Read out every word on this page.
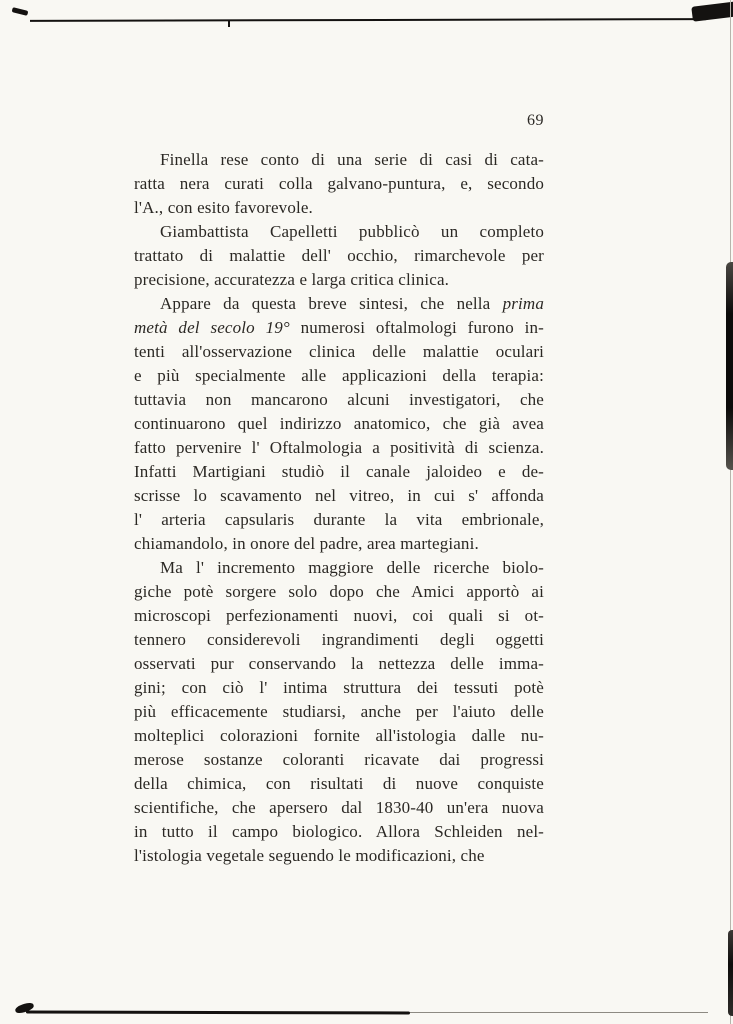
69
Finella rese conto di una serie di casi di cata-
ratta nera curati colla galvano-puntura, e, secondo
l'A., con esito favorevole.
Giambattista Capelletti pubblicò un completo
trattato di malattie dell' occhio, rimarchevole per
precisione, accuratezza e larga critica clinica.
Appare da questa breve sintesi, che nella prima
metà del secolo 19° numerosi oftalmologi furono in-
tenti all'osservazione clinica delle malattie oculari
e più specialmente alle applicazioni della terapia:
tuttavia non mancarono alcuni investigatori, che
continuarono quel indirizzo anatomico, che già avea
fatto pervenire l' Oftalmologia a positività di scienza.
Infatti Martigiani studiò il canale jaloideo e de-
scrisse lo scavamento nel vitreo, in cui s' affonda
l' arteria capsularis durante la vita embrionale,
chiamandolo, in onore del padre, area martegiani.
Ma l' incremento maggiore delle ricerche biolo-
giche potè sorgere solo dopo che Amici apportò ai
microscopi perfezionamenti nuovi, coi quali si ot-
tennero considerevoli ingrandimenti degli oggetti
osservati pur conservando la nettezza delle imma-
gini; con ciò l' intima struttura dei tessuti potè
più efficacemente studiarsi, anche per l'aiuto delle
molteplici colorazioni fornite all'istologia dalle nu-
merose sostanze coloranti ricavate dai progressi
della chimica, con risultati di nuove conquiste
scientifiche, che apersero dal 1830-40 un'era nuova
in tutto il campo biologico. Allora Schleiden nel-
l'istologia vegetale seguendo le modificazioni, che
